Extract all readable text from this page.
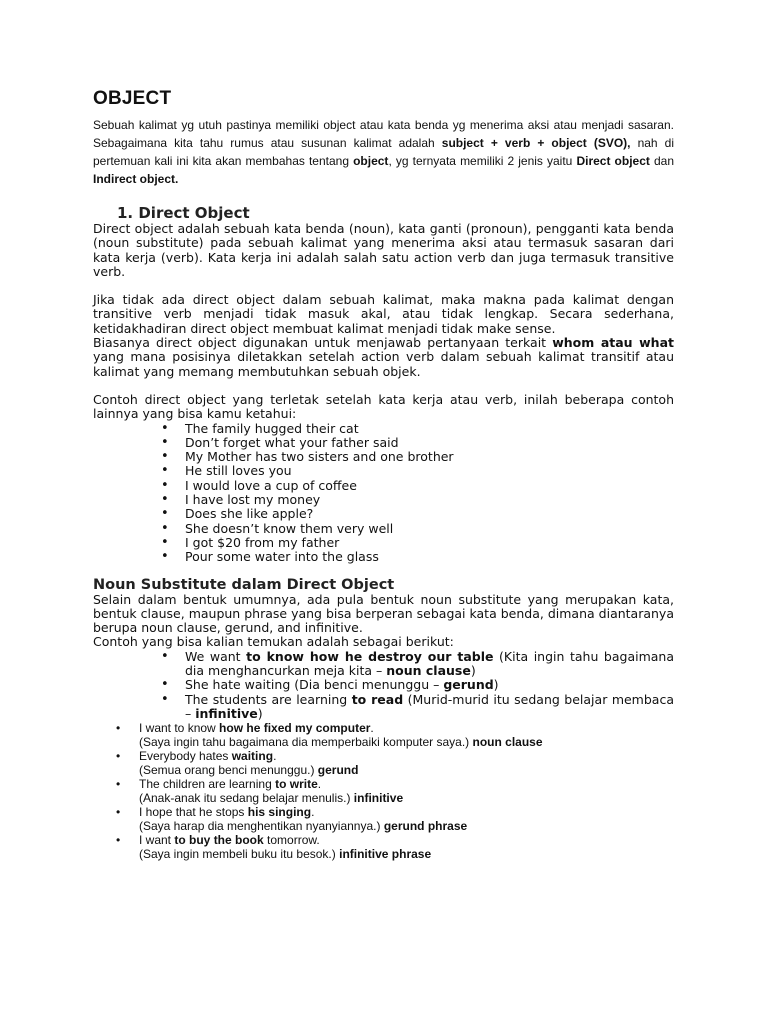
OBJECT

Sebuah kalimat yg utuh pastinya memiliki object atau kata benda yg menerima aksi atau menjadi sasaran. Sebagaimana kita tahu rumus atau susunan kalimat adalah subject + verb + object (SVO), nah di pertemuan kali ini kita akan membahas tentang object, yg ternyata memiliki 2 jenis yaitu Direct object dan Indirect object.

1. Direct Object

Direct object adalah sebuah kata benda (noun), kata ganti (pronoun), pengganti kata benda (noun substitute) pada sebuah kalimat yang menerima aksi atau termasuk sasaran dari kata kerja (verb). Kata kerja ini adalah salah satu action verb dan juga termasuk transitive verb.

Jika tidak ada direct object dalam sebuah kalimat, maka makna pada kalimat dengan transitive verb menjadi tidak masuk akal, atau tidak lengkap. Secara sederhana, ketidakhadiran direct object membuat kalimat menjadi tidak make sense.

Biasanya direct object digunakan untuk menjawab pertanyaan terkait whom atau what yang mana posisinya diletakkan setelah action verb dalam sebuah kalimat transitif atau kalimat yang memang membutuhkan sebuah objek.

Contoh direct object yang terletak setelah kata kerja atau verb, inilah beberapa contoh lainnya yang bisa kamu ketahui:

• The family hugged their cat
• Don’t forget what your father said
• My Mother has two sisters and one brother
• He still loves you
• I would love a cup of coffee
• I have lost my money
• Does she like apple?
• She doesn’t know them very well
• I got $20 from my father
• Pour some water into the glass
Noun Substitute dalam Direct Object

Selain dalam bentuk umumnya, ada pula bentuk noun substitute yang merupakan kata, bentuk clause, maupun phrase yang bisa berperan sebagai kata benda, dimana diantaranya berupa noun clause, gerund, and infinitive.

Contoh yang bisa kalian temukan adalah sebagai berikut:

• We want to know how he destroy our table (Kita ingin tahu bagaimana dia menghancurkan meja kita – noun clause)
• She hate waiting (Dia benci menunggu – gerund)
• The students are learning to read (Murid-murid itu sedang belajar membaca – infinitive)
• I want to know how he fixed my computer.
(Saya ingin tahu bagaimana dia memperbaiki komputer saya.) noun clause
• Everybody hates waiting.
(Semua orang benci menunggu.) gerund
• The children are learning to write.
(Anak-anak itu sedang belajar menulis.) infinitive
• I hope that he stops his singing.
(Saya harap dia menghentikan nyanyiannya.) gerund phrase
• I want to buy the book tomorrow.
(Saya ingin membeli buku itu besok.) infinitive phrase
